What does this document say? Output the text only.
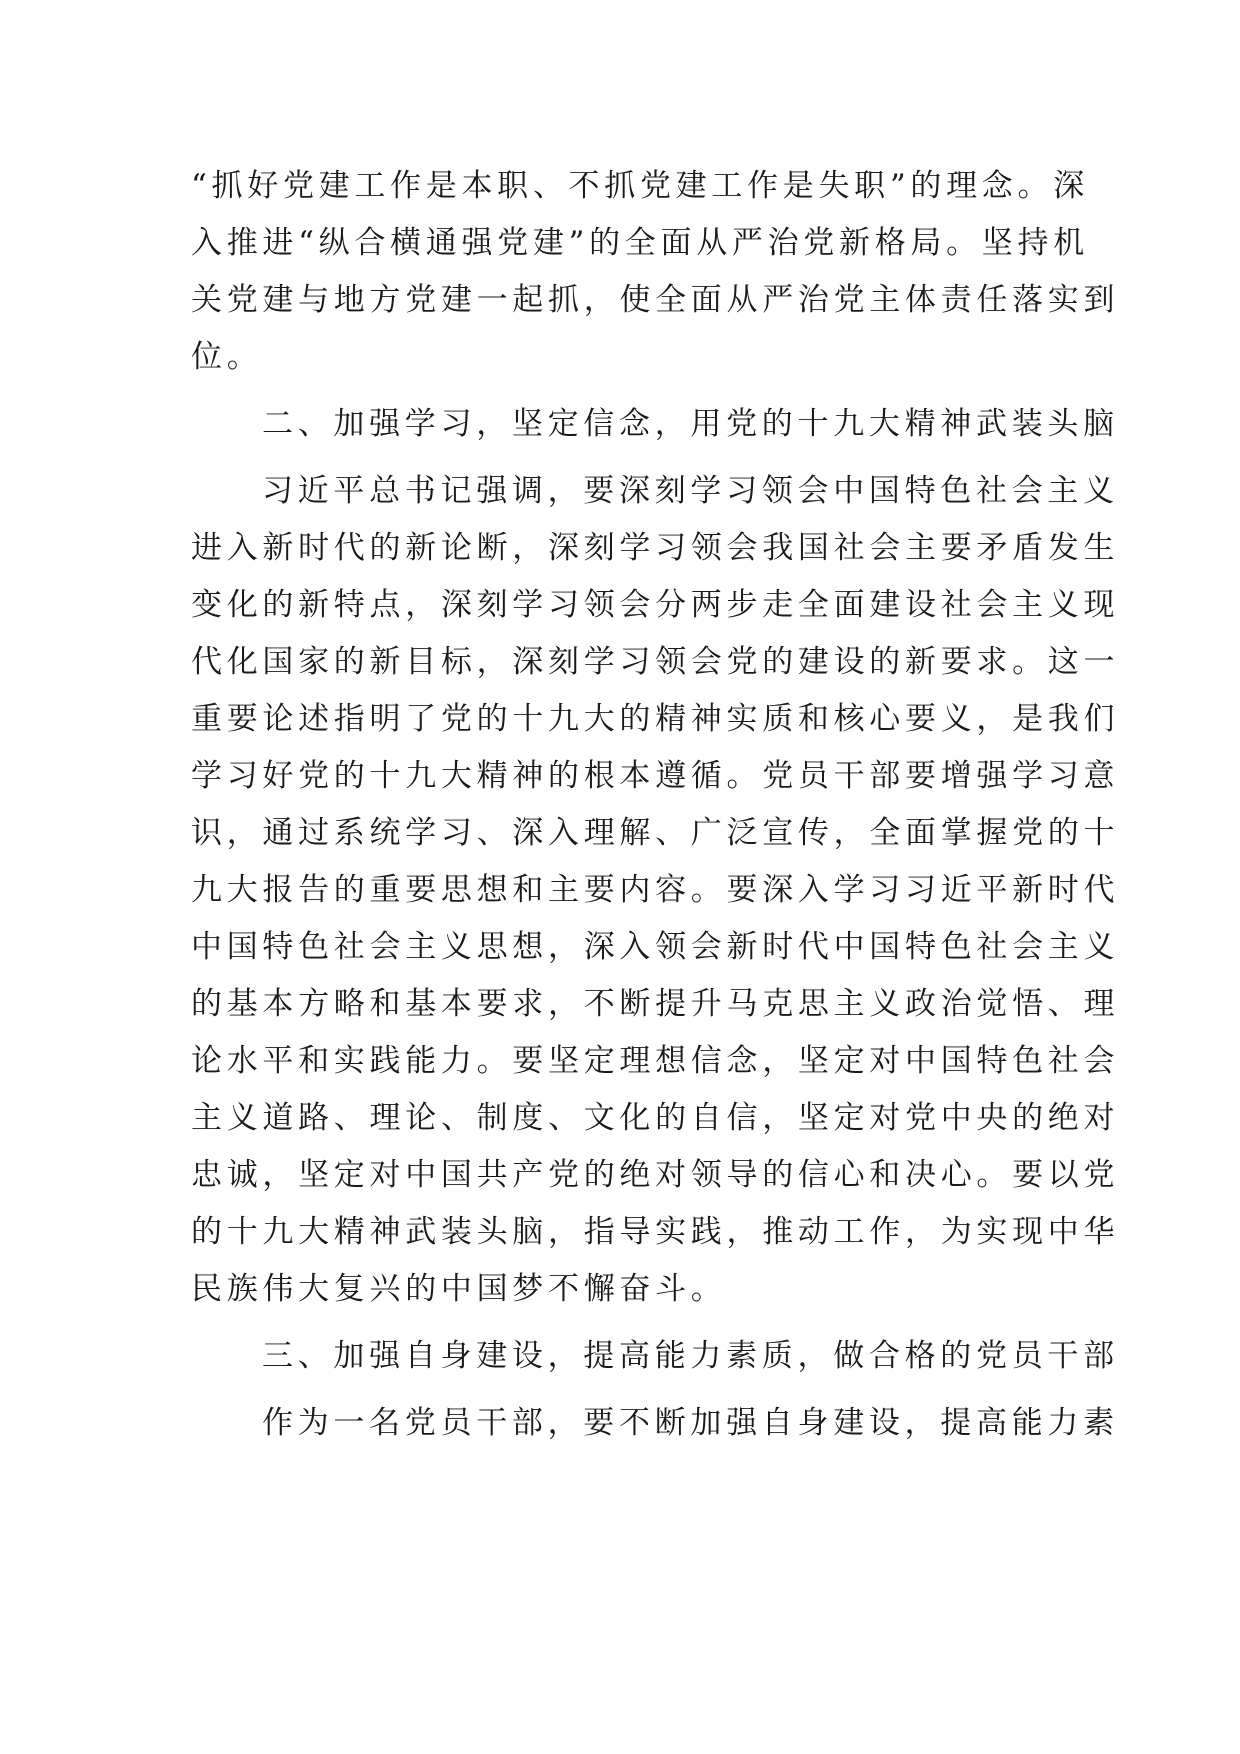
“抓好党建工作是本职、不抓党建工作是失职”的理念。深
入推进“纵合横通强党建”的全面从严治党新格局。坚持机
关党建与地方党建一起抓，使全面从严治党主体责任落实到
位。
二、加强学习，坚定信念，用党的十九大精神武装头脑
习近平总书记强调，要深刻学习领会中国特色社会主义
进入新时代的新论断，深刻学习领会我国社会主要矛盾发生
变化的新特点，深刻学习领会分两步走全面建设社会主义现
代化国家的新目标，深刻学习领会党的建设的新要求。这一
重要论述指明了党的十九大的精神实质和核心要义，是我们
学习好党的十九大精神的根本遵循。党员干部要增强学习意
识，通过系统学习、深入理解、广泛宣传，全面掌握党的十
九大报告的重要思想和主要内容。要深入学习习近平新时代
中国特色社会主义思想，深入领会新时代中国特色社会主义
的基本方略和基本要求，不断提升马克思主义政治觉悟、理
论水平和实践能力。要坚定理想信念，坚定对中国特色社会
主义道路、理论、制度、文化的自信，坚定对党中央的绝对
忠诚，坚定对中国共产党的绝对领导的信心和决心。要以党
的十九大精神武装头脑，指导实践，推动工作，为实现中华
民族伟大复兴的中国梦不懈奋斗。
三、加强自身建设，提高能力素质，做合格的党员干部
作为一名党员干部，要不断加强自身建设，提高能力素
